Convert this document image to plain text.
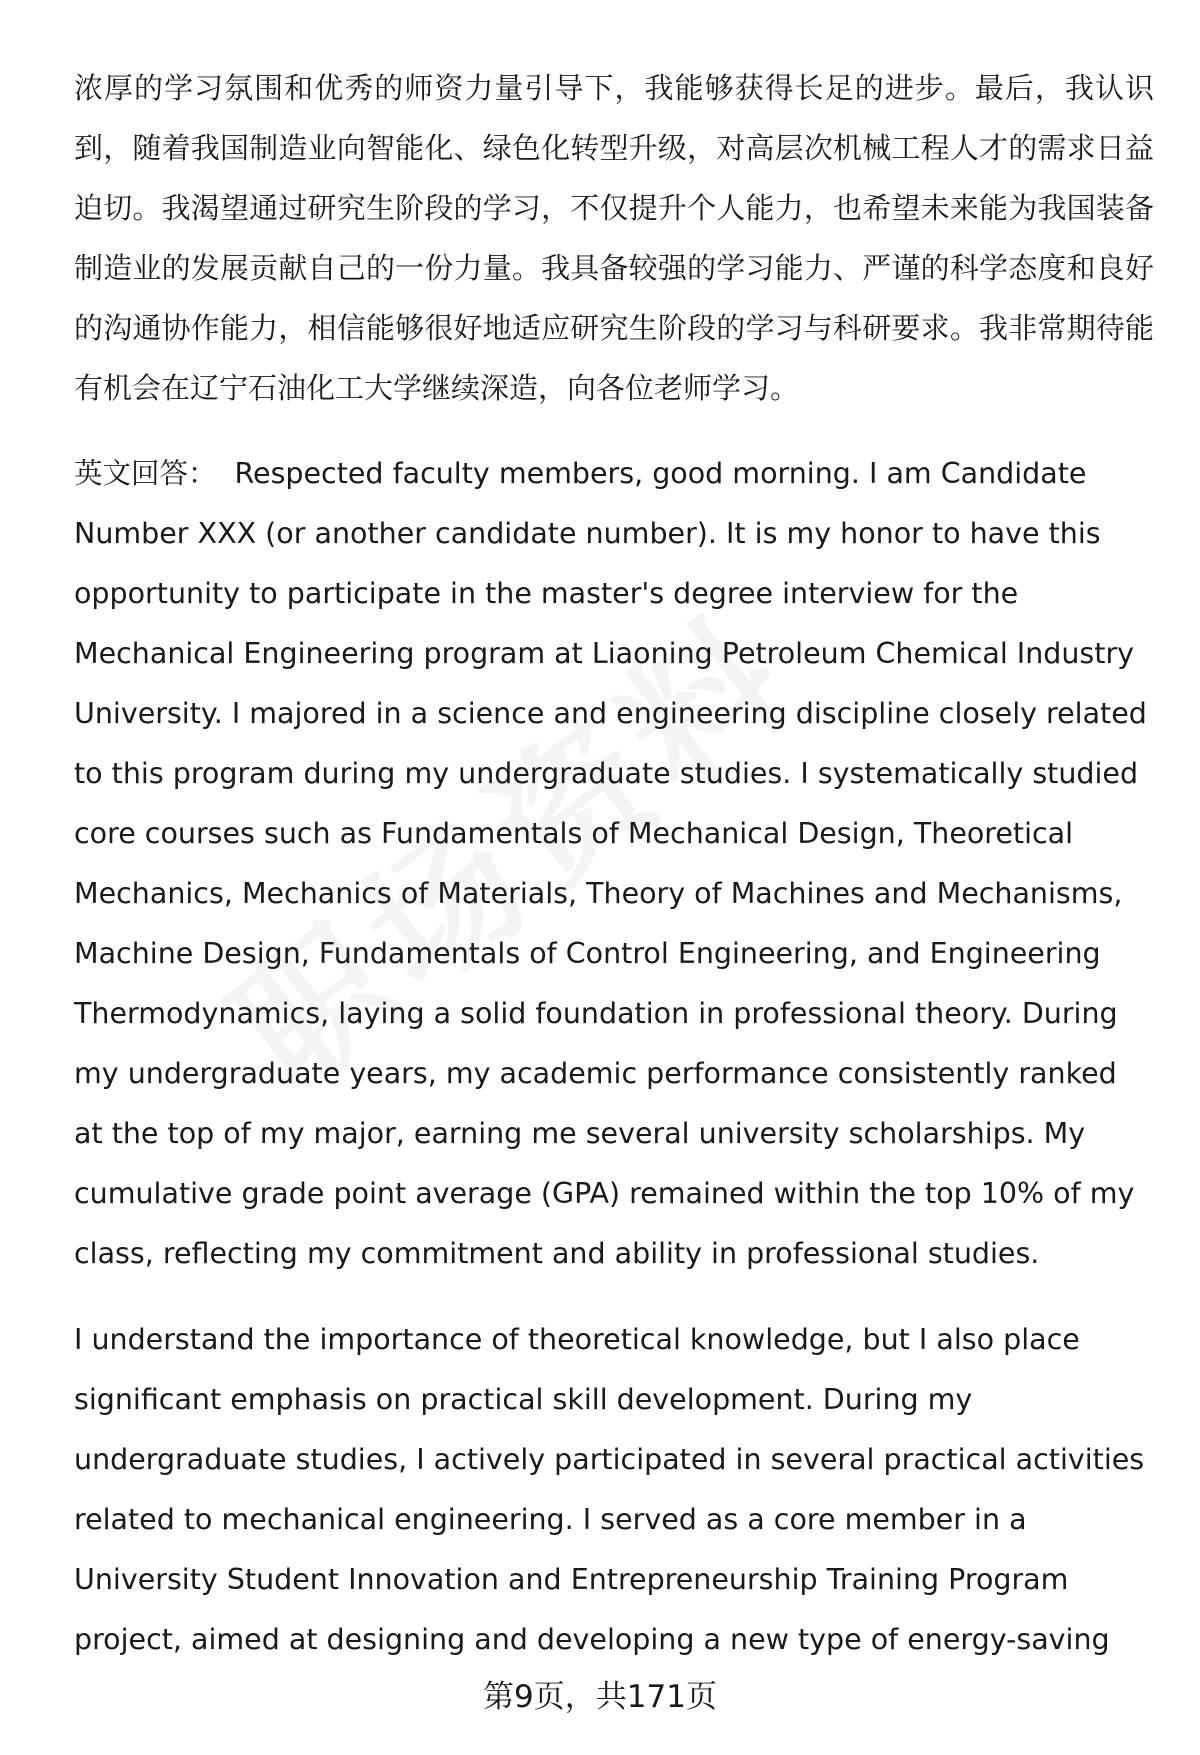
浓厚的学习氛围和优秀的师资力量引导下，我能够获得长足的进步。最后，我认识到，随着我国制造业向智能化、绿色化转型升级，对高层次机械工程人才的需求日益迫切。我渴望通过研究生阶段的学习，不仅提升个人能力，也希望未来能为我国装备制造业的发展贡献自己的一份力量。我具备较强的学习能力、严谨的科学态度和良好的沟通协作能力，相信能够很好地适应研究生阶段的学习与科研要求。我非常期待能有机会在辽宁石油化工大学继续深造，向各位老师学习。

英文回答： Respected faculty members, good morning. I am Candidate Number XXX (or another candidate number). It is my honor to have this opportunity to participate in the master's degree interview for the Mechanical Engineering program at Liaoning Petroleum Chemical Industry University. I majored in a science and engineering discipline closely related to this program during my undergraduate studies. I systematically studied core courses such as Fundamentals of Mechanical Design, Theoretical Mechanics, Mechanics of Materials, Theory of Machines and Mechanisms, Machine Design, Fundamentals of Control Engineering, and Engineering Thermodynamics, laying a solid foundation in professional theory. During my undergraduate years, my academic performance consistently ranked at the top of my major, earning me several university scholarships. My cumulative grade point average (GPA) remained within the top 10% of my class, reflecting my commitment and ability in professional studies.

I understand the importance of theoretical knowledge, but I also place significant emphasis on practical skill development. During my undergraduate studies, I actively participated in several practical activities related to mechanical engineering. I served as a core member in a University Student Innovation and Entrepreneurship Training Program project, aimed at designing and developing a new type of energy-saving

第9页，共171页
